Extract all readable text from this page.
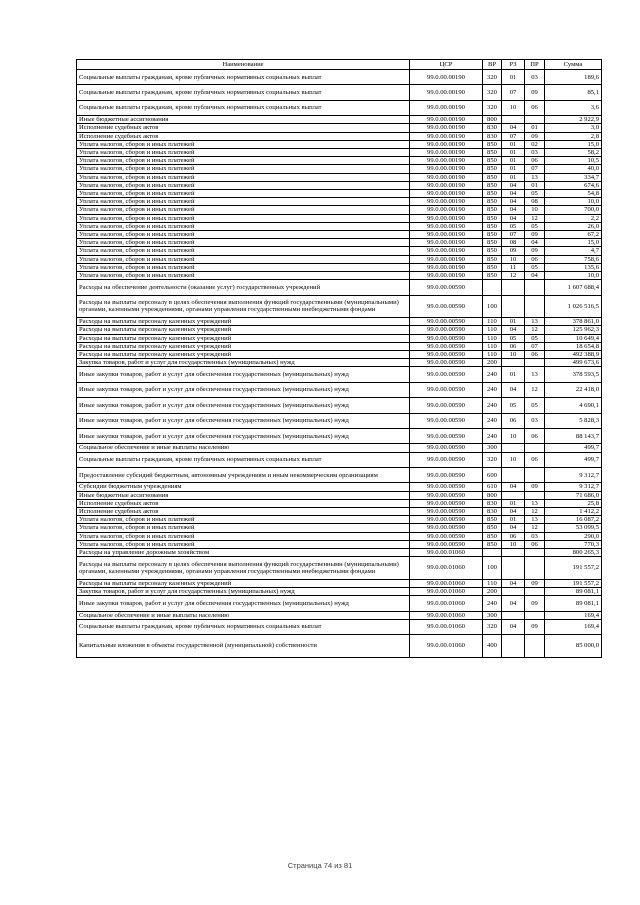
Наименование	ЦСР	ВР	РЗ	ПР	Сумма
Социальные выплаты гражданам, кроме публичных нормативных социальных выплат	99.0.00.00190	320	01	03	189,6
Социальные выплаты гражданам, кроме публичных нормативных социальных выплат	99.0.00.00190	320	07	09	85,1
Социальные выплаты гражданам, кроме публичных нормативных социальных выплат	99.0.00.00190	320	10	06	3,6
Иные бюджетные ассигнования	99.0.00.00190	800			2 922,9
Исполнение судебных актов	99.0.00.00190	830	04	01	3,0
Исполнение судебных актов	99.0.00.00190	830	07	09	2,8
Уплата налогов, сборов и иных платежей	99.0.00.00190	850	01	02	15,0
Уплата налогов, сборов и иных платежей	99.0.00.00190	850	01	03	58,2
Уплата налогов, сборов и иных платежей	99.0.00.00190	850	01	06	10,5
Уплата налогов, сборов и иных платежей	99.0.00.00190	850	01	07	40,0
Уплата налогов, сборов и иных платежей	99.0.00.00190	850	01	13	334,7
Уплата налогов, сборов и иных платежей	99.0.00.00190	850	04	01	674,6
Уплата налогов, сборов и иных платежей	99.0.00.00190	850	04	05	54,8
Уплата налогов, сборов и иных платежей	99.0.00.00190	850	04	08	10,0
Уплата налогов, сборов и иных платежей	99.0.00.00190	850	04	10	700,0
Уплата налогов, сборов и иных платежей	99.0.00.00190	850	04	12	2,2
Уплата налогов, сборов и иных платежей	99.0.00.00190	850	05	05	26,0
Уплата налогов, сборов и иных платежей	99.0.00.00190	850	07	09	67,2
Уплата налогов, сборов и иных платежей	99.0.00.00190	850	08	04	15,0
Уплата налогов, сборов и иных платежей	99.0.00.00190	850	09	09	4,7
Уплата налогов, сборов и иных платежей	99.0.00.00190	850	10	06	758,6
Уплата налогов, сборов и иных платежей	99.0.00.00190	850	11	05	135,6
Уплата налогов, сборов и иных платежей	99.0.00.00190	850	12	04	10,0
Расходы на обеспечение деятельности (оказание услуг) государственных учреждений	99.0.00.00590				1 607 688,4
Расходы на выплаты персоналу в целях обеспечения выполнения функций государственными (муниципальными) органами, казенными учреждениями, органами управления государственными внебюджетными фондами	99.0.00.00590	100			1 026 516,5
Расходы на выплаты персоналу казенных учреждений	99.0.00.00590	110	01	13	378 861,0
Расходы на выплаты персоналу казенных учреждений	99.0.00.00590	110	04	12	125 962,3
Расходы на выплаты персоналу казенных учреждений	99.0.00.00590	110	05	05	10 649,4
Расходы на выплаты персоналу казенных учреждений	99.0.00.00590	110	06	07	18 654,8
Расходы на выплаты персоналу казенных учреждений	99.0.00.00590	110	10	06	492 388,9
Закупка товаров, работ и услуг для государственных (муниципальных) нужд	99.0.00.00590	200			499 673,6
Иные закупки товаров, работ и услуг для обеспечения государственных (муниципальных) нужд	99.0.00.00590	240	01	13	378 593,5
Иные закупки товаров, работ и услуг для обеспечения государственных (муниципальных) нужд	99.0.00.00590	240	04	12	22 418,0
Иные закупки товаров, работ и услуг для обеспечения государственных (муниципальных) нужд	99.0.00.00590	240	05	05	4 690,1
Иные закупки товаров, работ и услуг для обеспечения государственных (муниципальных) нужд	99.0.00.00590	240	06	03	5 828,3
Иные закупки товаров, работ и услуг для обеспечения государственных (муниципальных) нужд	99.0.00.00590	240	10	06	88 143,7
Социальное обеспечение и иные выплаты населению	99.0.00.00590	300			499,7
Социальные выплаты гражданам, кроме публичных нормативных социальных выплат	99.0.00.00590	320	10	06	499,7
Предоставление субсидий бюджетным, автономным учреждениям и иным некоммерческим организациям	99.0.00.00590	600			9 312,7
Субсидии бюджетным учреждениям	99.0.00.00590	610	04	09	9 312,7
Иные бюджетные ассигнования	99.0.00.00590	800			71 686,0
Исполнение судебных актов	99.0.00.00590	830	01	13	25,8
Исполнение судебных актов	99.0.00.00590	830	04	12	1 412,2
Уплата налогов, сборов и иных платежей	99.0.00.00590	850	01	13	16 087,2
Уплата налогов, сборов и иных платежей	99.0.00.00590	850	04	12	53 099,5
Уплата налогов, сборов и иных платежей	99.0.00.00590	850	06	03	290,0
Уплата налогов, сборов и иных платежей	99.0.00.00590	850	10	06	770,3
Расходы на управление дорожным хозяйством	99.0.00.01060				800 265,3
Расходы на выплаты персоналу в целях обеспечения выполнения функций государственными (муниципальными) органами, казенными учреждениями, органами управления государственными внебюджетными фондами	99.0.00.01060	100			191 557,2
Расходы на выплаты персоналу казенных учреждений	99.0.00.01060	110	04	09	191 557,2
Закупка товаров, работ и услуг для государственных (муниципальных) нужд	99.0.00.01060	200			89 081,1
Иные закупки товаров, работ и услуг для обеспечения государственных (муниципальных) нужд	99.0.00.01060	240	04	09	89 081,1
Социальное обеспечение и иные выплаты населению	99.0.00.01060	300			169,4
Социальные выплаты гражданам, кроме публичных нормативных социальных выплат	99.0.00.01060	320	04	09	169,4
Капитальные вложения в объекты государственной (муниципальной) собственности	99.0.00.01060	400			85 000,0
Страница 74 из 81
